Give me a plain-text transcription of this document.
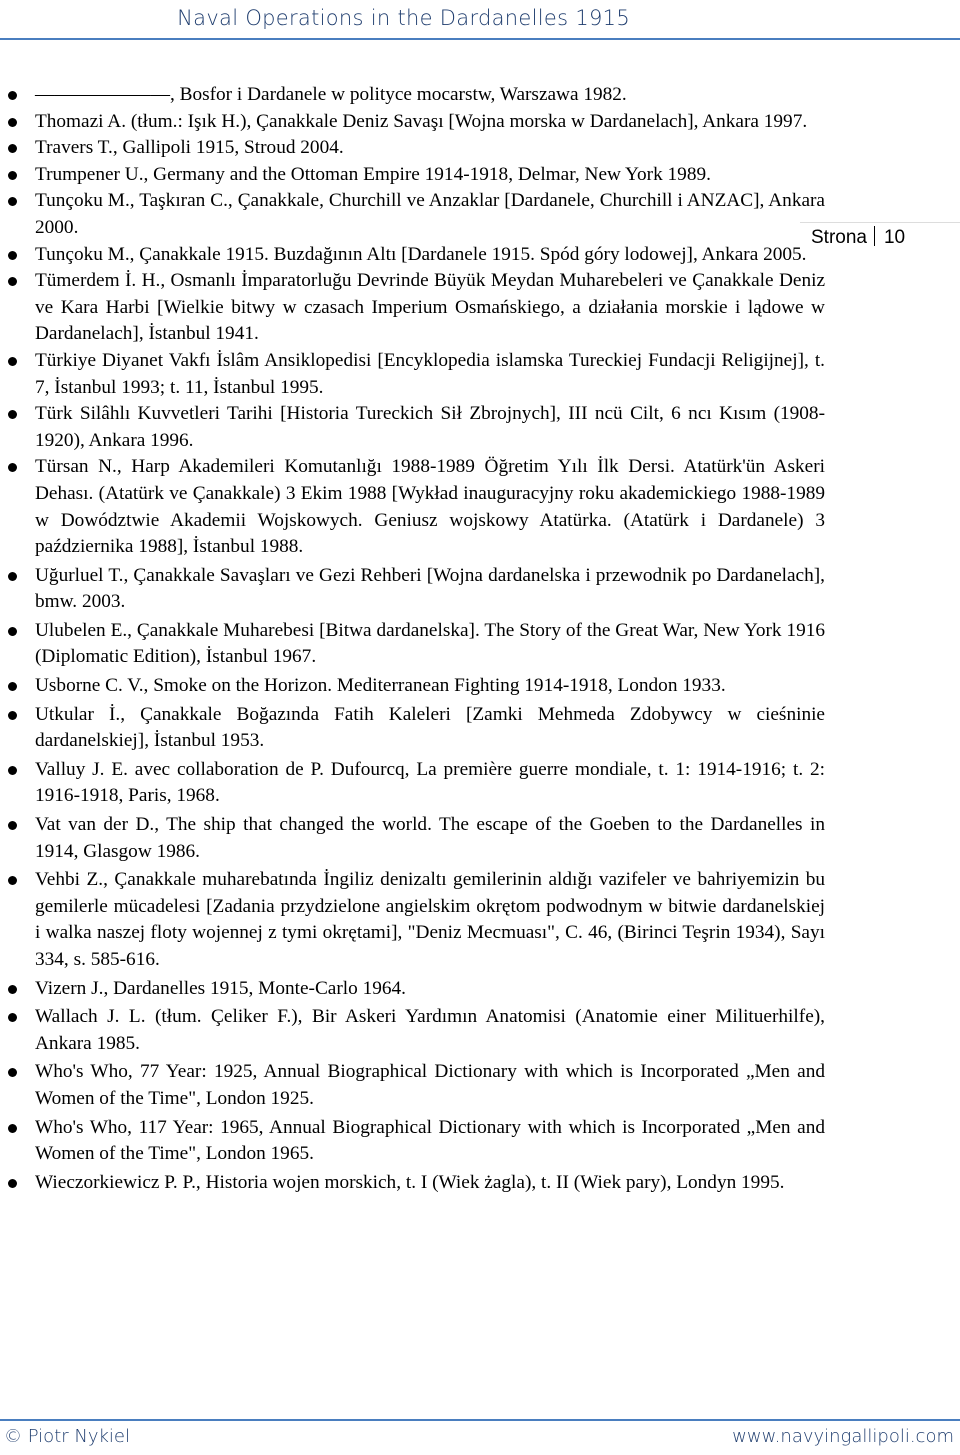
Naval Operations in the Dardanelles 1915
Strona 10
———————, Bosfor i Dardanele w polityce mocarstw, Warszawa 1982.
Thomazi A. (tłum.: Işık H.), Çanakkale Deniz Savaşı [Wojna morska w Dardanelach], Ankara 1997.
Travers T., Gallipoli 1915, Stroud 2004.
Trumpener U., Germany and the Ottoman Empire 1914-1918, Delmar, New York 1989.
Tunçoku M., Taşkıran C., Çanakkale, Churchill ve Anzaklar [Dardanele, Churchill i ANZAC], Ankara 2000.
Tunçoku M., Çanakkale 1915. Buzdağının Altı [Dardanele 1915. Spód góry lodowej], Ankara 2005.
Tümerdem İ. H., Osmanlı İmparatorluğu Devrinde Büyük Meydan Muharebeleri ve Çanakkale Deniz ve Kara Harbi [Wielkie bitwy w czasach Imperium Osmańskiego, a działania morskie i lądowe w Dardanelach], İstanbul 1941.
Türkiye Diyanet Vakfı İslâm Ansiklopedisi [Encyklopedia islamska Tureckiej Fundacji Religijnej], t. 7, İstanbul 1993; t. 11, İstanbul 1995.
Türk Silâhlı Kuvvetleri Tarihi [Historia Tureckich Sił Zbrojnych], III ncü Cilt, 6 ncı Kısım (1908-1920), Ankara 1996.
Türsan N., Harp Akademileri Komutanlığı 1988-1989 Öğretim Yılı İlk Dersi. Atatürk'ün Askeri Dehası. (Atatürk ve Çanakkale) 3 Ekim 1988 [Wykład inauguracyjny roku akademickiego 1988-1989 w Dowództwie Akademii Wojskowych. Geniusz wojskowy Atatürka. (Atatürk i Dardanele) 3 października 1988], İstanbul 1988.
Uğurluel T., Çanakkale Savaşları ve Gezi Rehberi [Wojna dardanelska i przewodnik po Dardanelach], bmw. 2003.
Ulubelen E., Çanakkale Muharebesi [Bitwa dardanelska]. The Story of the Great War, New York 1916 (Diplomatic Edition), İstanbul 1967.
Usborne C. V., Smoke on the Horizon. Mediterranean Fighting 1914-1918, London 1933.
Utkular İ., Çanakkale Boğazında Fatih Kaleleri [Zamki Mehmeda Zdobywcy w cieśninie dardanelskiej], İstanbul 1953.
Valluy J. E. avec collaboration de P. Dufourcq, La première guerre mondiale, t. 1: 1914-1916; t. 2: 1916-1918, Paris, 1968.
Vat van der D., The ship that changed the world. The escape of the Goeben to the Dardanelles in 1914, Glasgow 1986.
Vehbi Z., Çanakkale muharebatında İngiliz denizaltı gemilerinin aldığı vazifeler ve bahriyemizin bu gemilerle mücadelesi [Zadania przydzielone angielskim okrętom podwodnym w bitwie dardanelskiej i walka naszej floty wojennej z tymi okrętami], "Deniz Mecmuası", C. 46, (Birinci Teşrin 1934), Sayı 334, s. 585-616.
Vizern J., Dardanelles 1915, Monte-Carlo 1964.
Wallach J. L. (tłum. Çeliker F.), Bir Askeri Yardımın Anatomisi (Anatomie einer Milituerhilfe), Ankara 1985.
Who's Who, 77 Year: 1925, Annual Biographical Dictionary with which is Incorporated „Men and Women of the Time", London 1925.
Who's Who, 117 Year: 1965, Annual Biographical Dictionary with which is Incorporated „Men and Women of the Time", London 1965.
Wieczorkiewicz P. P., Historia wojen morskich, t. I (Wiek żagla), t. II (Wiek pary), Londyn 1995.
© Piotr Nykiel	www.navyingallipoli.com
